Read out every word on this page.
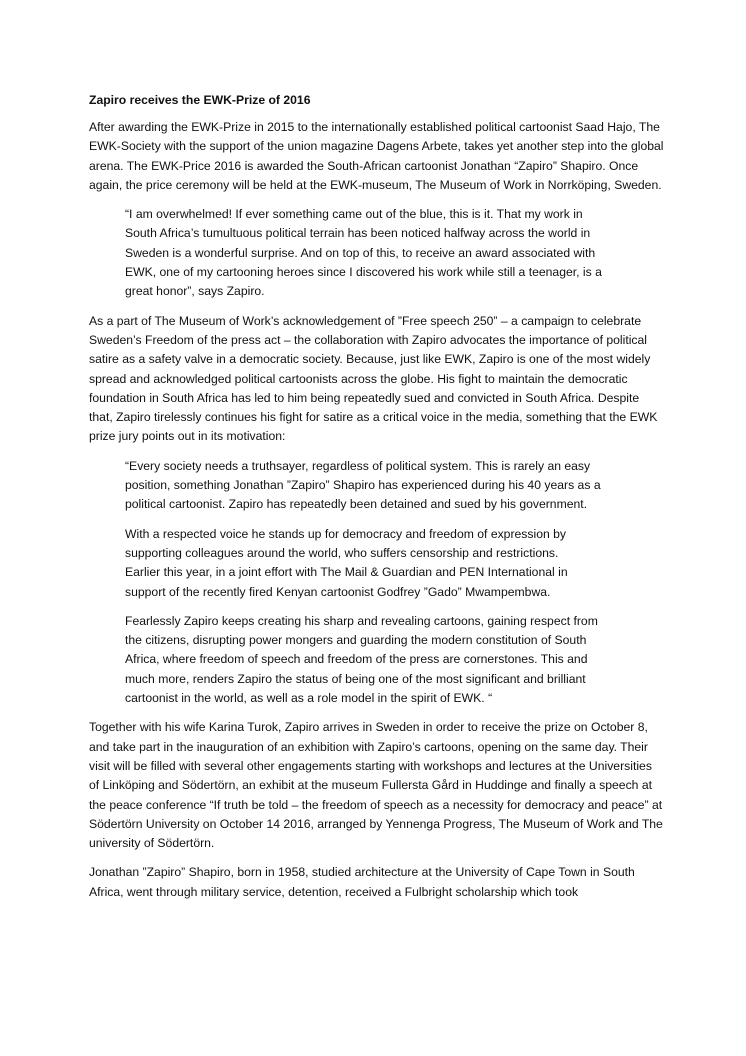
Zapiro receives the EWK-Prize of 2016

After awarding the EWK-Prize in 2015 to the internationally established political cartoonist Saad Hajo, The EWK-Society with the support of the union magazine Dagens Arbete, takes yet another step into the global arena. The EWK-Price 2016 is awarded the South-African cartoonist Jonathan “Zapiro” Shapiro. Once again, the price ceremony will be held at the EWK-museum, The Museum of Work in Norrköping, Sweden.

“I am overwhelmed! If ever something came out of the blue, this is it. That my work in South Africa’s tumultuous political terrain has been noticed halfway across the world in Sweden is a wonderful surprise. And on top of this, to receive an award associated with EWK, one of my cartooning heroes since I discovered his work while still a teenager, is a great honor”, says Zapiro.

As a part of The Museum of Work’s acknowledgement of ”Free speech 250” – a campaign to celebrate Sweden’s Freedom of the press act – the collaboration with Zapiro advocates the importance of political satire as a safety valve in a democratic society. Because, just like EWK, Zapiro is one of the most widely spread and acknowledged political cartoonists across the globe. His fight to maintain the democratic foundation in South Africa has led to him being repeatedly sued and convicted in South Africa. Despite that, Zapiro tirelessly continues his fight for satire as a critical voice in the media, something that the EWK prize jury points out in its motivation:

“Every society needs a truthsayer, regardless of political system. This is rarely an easy position, something Jonathan ”Zapiro” Shapiro has experienced during his 40 years as a political cartoonist. Zapiro has repeatedly been detained and sued by his government.

With a respected voice he stands up for democracy and freedom of expression by supporting colleagues around the world, who suffers censorship and restrictions. Earlier this year, in a joint effort with The Mail & Guardian and PEN International in support of the recently fired Kenyan cartoonist Godfrey ”Gado” Mwampembwa.

Fearlessly Zapiro keeps creating his sharp and revealing cartoons, gaining respect from the citizens, disrupting power mongers and guarding the modern constitution of South Africa, where freedom of speech and freedom of the press are cornerstones. This and much more, renders Zapiro the status of being one of the most significant and brilliant cartoonist in the world, as well as a role model in the spirit of EWK. “

Together with his wife Karina Turok, Zapiro arrives in Sweden in order to receive the prize on October 8, and take part in the inauguration of an exhibition with Zapiro’s cartoons, opening on the same day. Their visit will be filled with several other engagements starting with workshops and lectures at the Universities of Linköping and Södertörn, an exhibit at the museum Fullersta Gård in Huddinge and finally a speech at the peace conference “If truth be told – the freedom of speech as a necessity for democracy and peace” at Södertörn University on October 14 2016, arranged by Yennenga Progress, The Museum of Work and The university of Södertörn.

Jonathan ”Zapiro” Shapiro, born in 1958, studied architecture at the University of Cape Town in South Africa, went through military service, detention, received a Fulbright scholarship which took
